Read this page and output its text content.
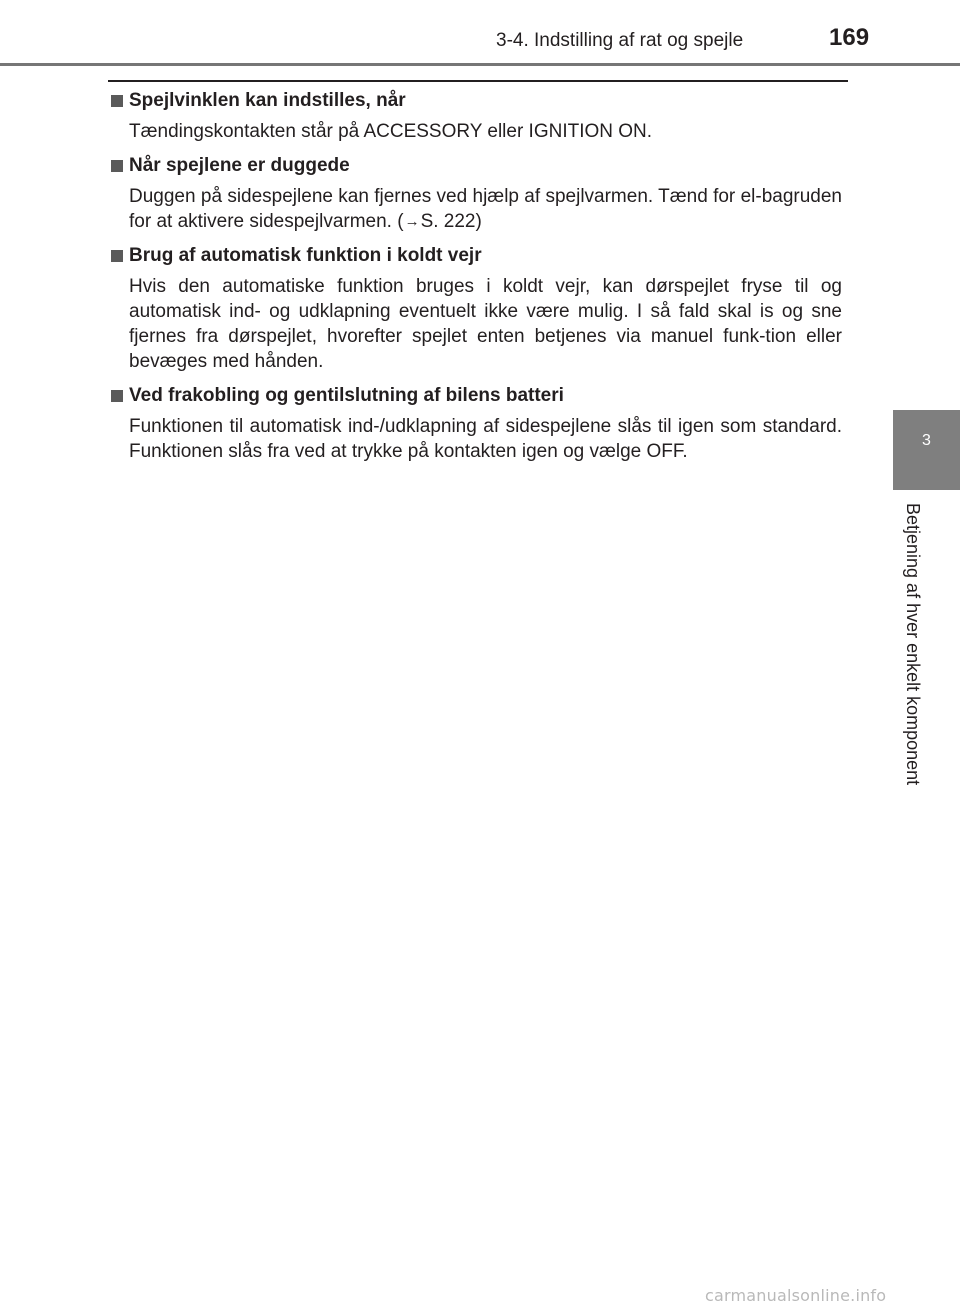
3-4. Indstilling af rat og spejle	169
3
Betjening af hver enkelt komponent
Spejlvinklen kan indstilles, når
Tændingskontakten står på ACCESSORY eller IGNITION ON.
Når spejlene er duggede
Duggen på sidespejlene kan fjernes ved hjælp af spejlvarmen. Tænd for el-bagruden for at aktivere sidespejlvarmen. (→S. 222)
Brug af automatisk funktion i koldt vejr
Hvis den automatiske funktion bruges i koldt vejr, kan dørspejlet fryse til og automatisk ind- og udklapning eventuelt ikke være mulig. I så fald skal is og sne fjernes fra dørspejlet, hvorefter spejlet enten betjenes via manuel funk-tion eller bevæges med hånden.
Ved frakobling og gentilslutning af bilens batteri
Funktionen til automatisk ind-/udklapning af sidespejlene slås til igen som standard. Funktionen slås fra ved at trykke på kontakten igen og vælge OFF.
carmanualsonline.info
